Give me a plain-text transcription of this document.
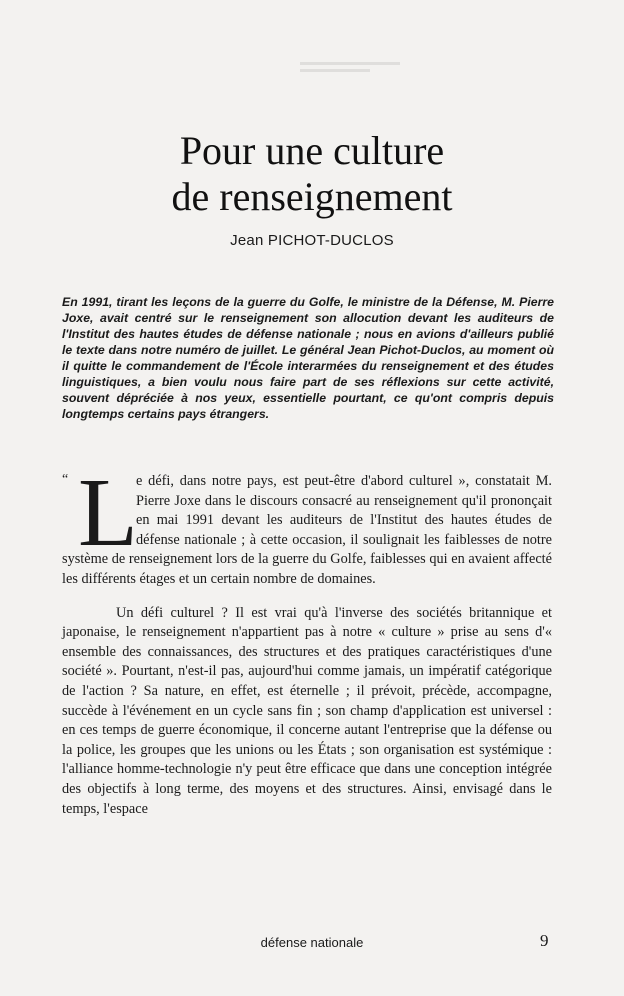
Pour une culture
de renseignement
Jean PICHOT-DUCLOS

En 1991, tirant les leçons de la guerre du Golfe, le ministre de la Défense, M. Pierre Joxe, avait centré sur le renseignement son allocution devant les auditeurs de l'Institut des hautes études de défense nationale ; nous en avions d'ailleurs publié le texte dans notre numéro de juillet. Le général Jean Pichot-Duclos, au moment où il quitte le commandement de l'École interarmées du renseignement et des études linguistiques, a bien voulu nous faire part de ses réflexions sur cette activité, souvent dépréciée à nos yeux, essentielle pourtant, ce qu'ont compris depuis longtemps certains pays étrangers.

“ L
e défi, dans notre pays, est peut-être d'abord culturel », constatait M. Pierre Joxe dans le discours consacré au renseignement qu'il prononçait en mai 1991 devant les auditeurs de l'Institut des hautes études de défense nationale ; à cette occasion, il soulignait les faiblesses de notre système de renseignement lors de la guerre du Golfe, faiblesses qui en avaient affecté les différents étages et un certain nombre de domaines.

Un défi culturel ? Il est vrai qu'à l'inverse des sociétés britannique et japonaise, le renseignement n'appartient pas à notre « culture » prise au sens d'« ensemble des connaissances, des structures et des pratiques caractéristiques d'une société ». Pourtant, n'est-il pas, aujourd'hui comme jamais, un impératif catégorique de l'action ? Sa nature, en effet, est éternelle ; il prévoit, précède, accompagne, succède à l'événement en un cycle sans fin ; son champ d'application est universel : en ces temps de guerre économique, il concerne autant l'entreprise que la défense ou la police, les groupes que les unions ou les États ; son organisation est systémique : l'alliance homme-technologie n'y peut être efficace que dans une conception intégrée des objectifs à long terme, des moyens et des structures. Ainsi, envisagé dans le temps, l'espace

défense nationale	9
